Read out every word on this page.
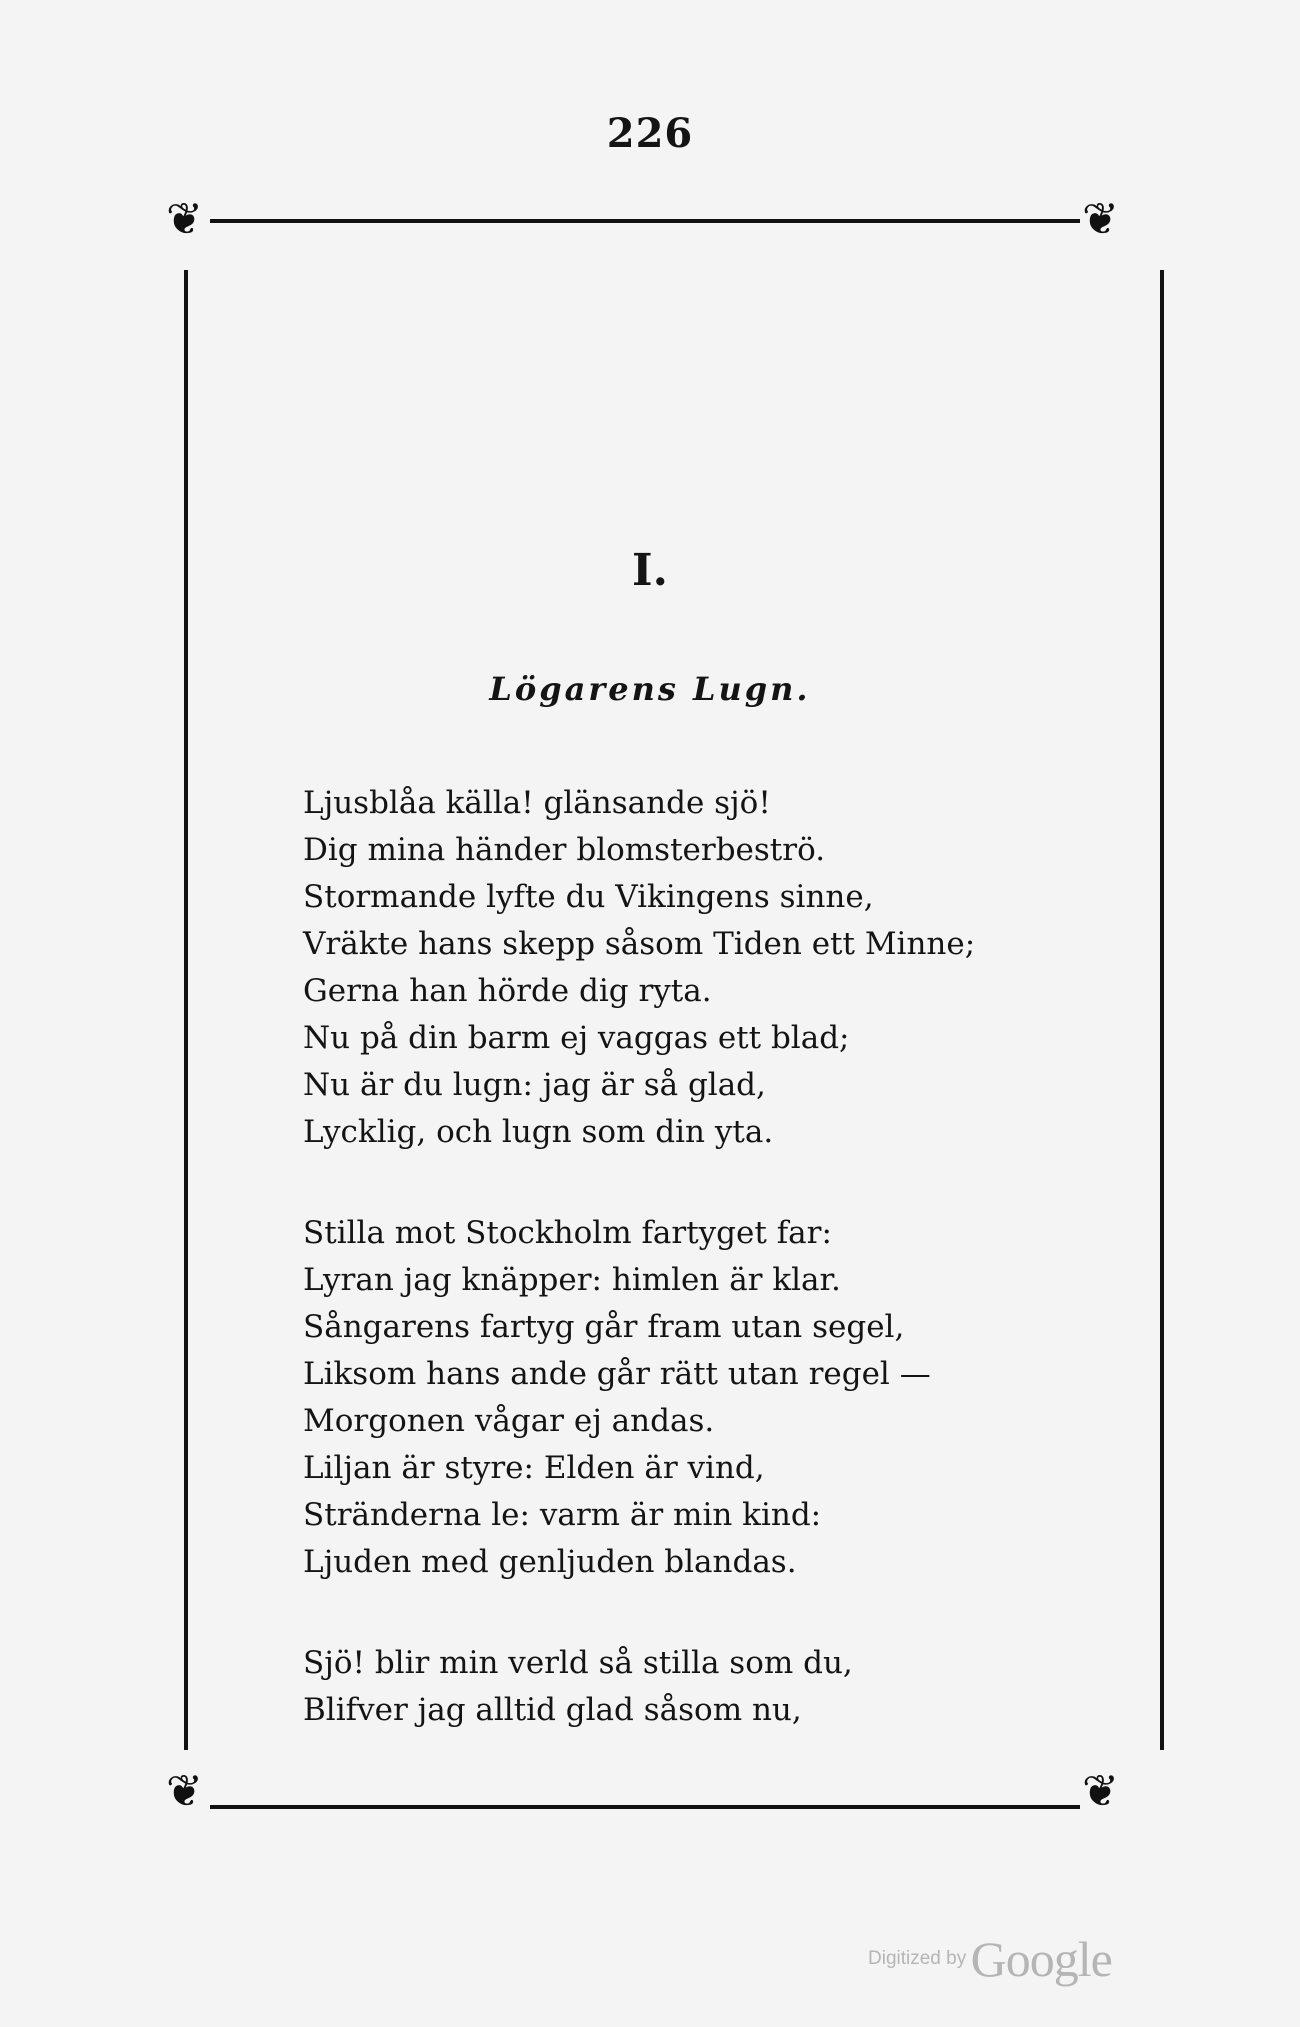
226
❦	❦
❦	❦
I.
Lögarens Lugn.
Ljusblåa källa! glänsande sjö!
Dig mina händer blomsterbeströ.
Stormande lyfte du Vikingens sinne,
Vräkte hans skepp såsom Tiden ett Minne;
Gerna han hörde dig ryta.
Nu på din barm ej vaggas ett blad;
Nu är du lugn: jag är så glad,
Lycklig, och lugn som din yta.
Stilla mot Stockholm fartyget far:
Lyran jag knäpper: himlen är klar.
Sångarens fartyg går fram utan segel,
Liksom hans ande går rätt utan regel —
Morgonen vågar ej andas.
Liljan är styre: Elden är vind,
Stränderna le: varm är min kind:
Ljuden med genljuden blandas.
Sjö! blir min verld så stilla som du,
Blifver jag alltid glad såsom nu,
Digitized by Google
